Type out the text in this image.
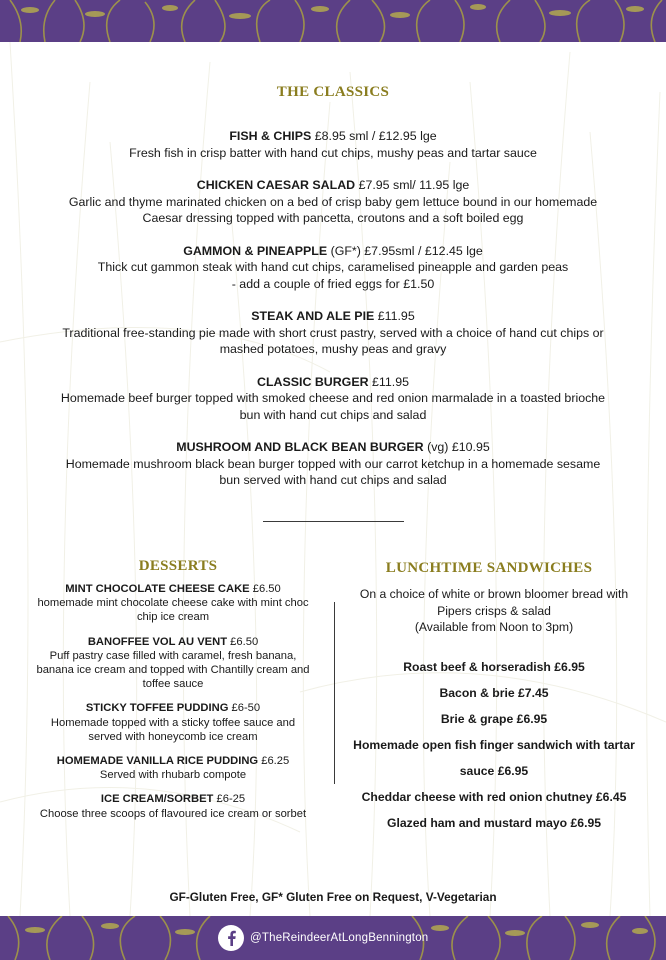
THE CLASSICS
FISH & CHIPS £8.95 sml / £12.95 lge
Fresh fish in crisp batter with hand cut chips, mushy peas and tartar sauce
CHICKEN CAESAR SALAD £7.95 sml/ 11.95 lge
Garlic and thyme marinated chicken on a bed of crisp baby gem lettuce bound in our homemade
Caesar dressing topped with pancetta, croutons and a soft boiled egg
GAMMON & PINEAPPLE (GF*) £7.95sml / £12.45 lge
Thick cut gammon steak with hand cut chips, caramelised pineapple and garden peas
- add a couple of fried eggs for £1.50
STEAK AND ALE PIE £11.95
Traditional free-standing pie made with short crust pastry, served with a choice of hand cut chips or
mashed potatoes, mushy peas and gravy
CLASSIC BURGER £11.95
Homemade beef burger topped with smoked cheese and red onion marmalade in a toasted brioche
bun with hand cut chips and salad
MUSHROOM AND BLACK BEAN BURGER (vg) £10.95
Homemade mushroom black bean burger topped with our carrot ketchup in a homemade sesame
bun served with hand cut chips and salad
DESSERTS
MINT CHOCOLATE CHEESE CAKE £6.50
homemade mint chocolate cheese cake with mint choc
chip ice cream
BANOFFEE VOL AU VENT £6.50
Puff pastry case filled with caramel, fresh banana,
banana ice cream and topped with Chantilly cream and
toffee sauce
STICKY TOFFEE PUDDING £6-50
Homemade topped with a sticky toffee sauce and
served with honeycomb ice cream
HOMEMADE VANILLA RICE PUDDING £6.25
Served with rhubarb compote
ICE CREAM/SORBET £6-25
Choose three scoops of flavoured ice cream or sorbet
LUNCHTIME SANDWICHES
On a choice of white or brown bloomer bread with
Pipers crisps & salad
(Available from Noon to 3pm)
Roast beef & horseradish £6.95
Bacon & brie £7.45
Brie & grape £6.95
Homemade open fish finger sandwich with tartar
sauce £6.95
Cheddar cheese with red onion chutney £6.45
Glazed ham and mustard mayo £6.95
GF-Gluten Free, GF* Gluten Free on Request, V-Vegetarian
@TheReindeerAtLongBennington
